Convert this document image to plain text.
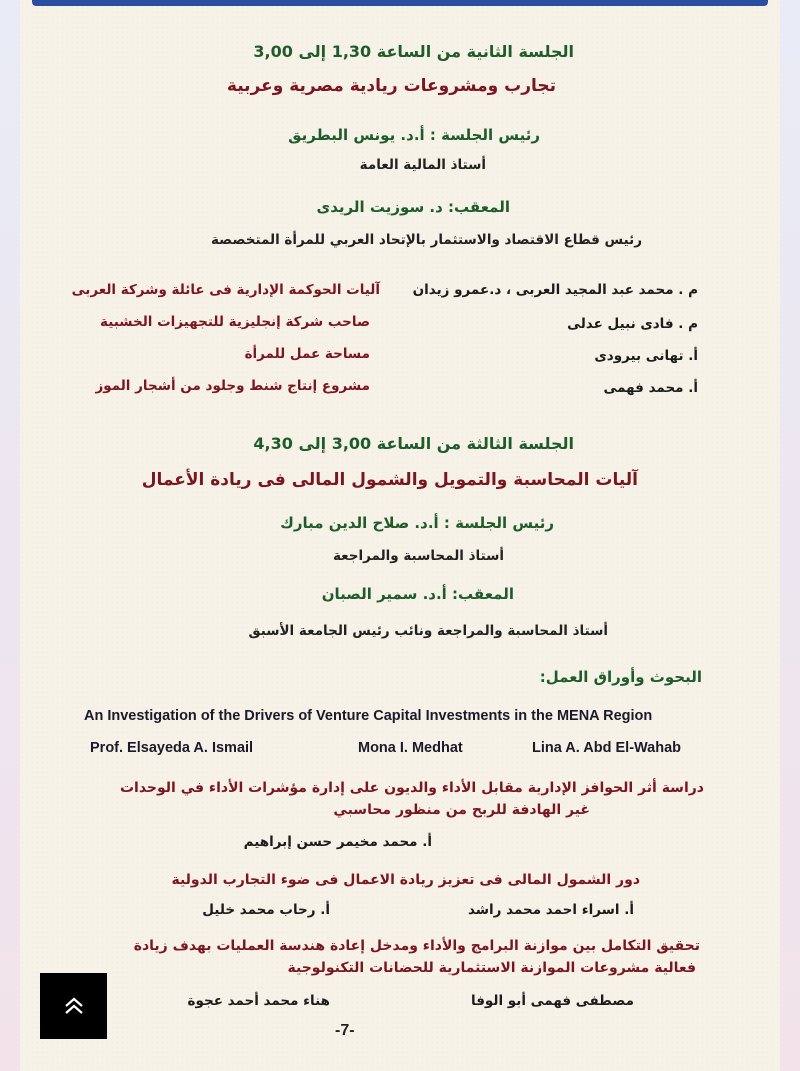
الجلسة الثانية من الساعة 1,30 إلى 3,00
تجارب ومشروعات ريادية مصرية وعربية
رئيس الجلسة : أ.د. يونس البطريق
أستاذ المالية العامة
المعقب: د. سوزيت الريدى
رئيس قطاع الاقتصاد والاستثمار بالإتحاد العربي للمرأة المتخصصة
م . محمد عبد المجيد العربى ، د.عمرو زيدان
آليات الحوكمة الإدارية فى عائلة وشركة العربى
م . فادى نبيل عدلى
صاحب شركة إنجليزية للتجهيزات الخشبية
أ. تهانى بيرودى
مساحة عمل للمرأة
أ. محمد فهمى
مشروع إنتاج شنط وجلود من أشجار الموز
الجلسة الثالثة من الساعة 3,00 إلى 4,30
آليات المحاسبة والتمويل والشمول المالى فى ريادة الأعمال
رئيس الجلسة : أ.د. صلاح الدين مبارك
أستاذ المحاسبة والمراجعة
المعقب: أ.د. سمير الصبان
أستاذ المحاسبة والمراجعة ونائب رئيس الجامعة الأسبق
البحوث وأوراق العمل:
An Investigation of the Drivers of Venture Capital Investments in the MENA Region
Prof. Elsayeda A. Ismail	Mona I. Medhat	Lina A. Abd El-Wahab
دراسة أثر الحوافز الإدارية مقابل الأداء والديون على إدارة مؤشرات الأداء في الوحدات
غير الهادفة للربح من منظور محاسبي
أ. محمد مخيمر حسن إبراهيم
دور الشمول المالى فى تعزيز ريادة الاعمال فى ضوء التجارب الدولية
أ. اسراء احمد محمد راشد
أ. رحاب محمد خليل
تحقيق التكامل بين موازنة البرامج والأداء ومدخل إعادة هندسة العمليات بهدف زيادة
فعالية مشروعات الموازنة الاستثمارية للحضانات التكنولوجية
مصطفى فهمى أبو الوفا
هناء محمد أحمد عجوة
-7-
